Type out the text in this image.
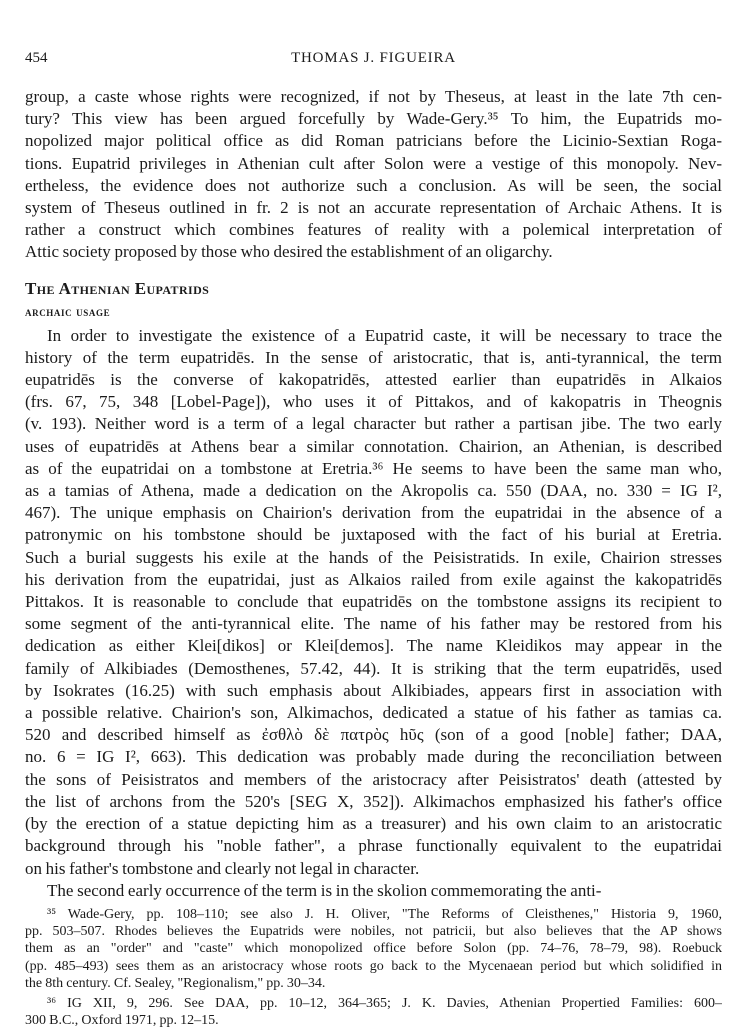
454	THOMAS J. FIGUEIRA

group, a caste whose rights were recognized, if not by Theseus, at least in the late 7th cen-

tury? This view has been argued forcefully by Wade-Gery.³⁵ To him, the Eupatrids mo-

nopolized major political office as did Roman patricians before the Licinio-Sextian Roga-

tions. Eupatrid privileges in Athenian cult after Solon were a vestige of this monopoly. Nev-

ertheless, the evidence does not authorize such a conclusion. As will be seen, the social

system of Theseus outlined in fr. 2 is not an accurate representation of Archaic Athens. It is

rather a construct which combines features of reality with a polemical interpretation of

Attic society proposed by those who desired the establishment of an oligarchy.

The Athenian Eupatrids
archaic usage

In order to investigate the existence of a Eupatrid caste, it will be necessary to trace the

history of the term eupatridēs. In the sense of aristocratic, that is, anti-tyrannical, the term

eupatridēs is the converse of kakopatridēs, attested earlier than eupatridēs in Alkaios

(frs. 67, 75, 348 [Lobel-Page]), who uses it of Pittakos, and of kakopatris in Theognis

(v. 193). Neither word is a term of a legal character but rather a partisan jibe. The two early

uses of eupatridēs at Athens bear a similar connotation. Chairion, an Athenian, is described

as of the eupatridai on a tombstone at Eretria.³⁶ He seems to have been the same man who,

as a tamias of Athena, made a dedication on the Akropolis ca. 550 (DAA, no. 330 = IG I²,

467). The unique emphasis on Chairion's derivation from the eupatridai in the absence of a

patronymic on his tombstone should be juxtaposed with the fact of his burial at Eretria.

Such a burial suggests his exile at the hands of the Peisistratids. In exile, Chairion stresses

his derivation from the eupatridai, just as Alkaios railed from exile against the kakopatridēs

Pittakos. It is reasonable to conclude that eupatridēs on the tombstone assigns its recipient to

some segment of the anti-tyrannical elite. The name of his father may be restored from his

dedication as either Klei[dikos] or Klei[demos]. The name Kleidikos may appear in the

family of Alkibiades (Demosthenes, 57.42, 44). It is striking that the term eupatridēs, used

by Isokrates (16.25) with such emphasis about Alkibiades, appears first in association with

a possible relative. Chairion's son, Alkimachos, dedicated a statue of his father as tamias ca.

520 and described himself as ἐσθλὸ δὲ πατρὸς hῦς (son of a good [noble] father; DAA,

no. 6 = IG I², 663). This dedication was probably made during the reconciliation between

the sons of Peisistratos and members of the aristocracy after Peisistratos' death (attested by

the list of archons from the 520's [SEG X, 352]). Alkimachos emphasized his father's office

(by the erection of a statue depicting him as a treasurer) and his own claim to an aristocratic

background through his "noble father", a phrase functionally equivalent to the eupatridai

on his father's tombstone and clearly not legal in character.

The second early occurrence of the term is in the skolion commemorating the anti-

³⁵ Wade-Gery, pp. 108–110; see also J. H. Oliver, "The Reforms of Cleisthenes," Historia 9, 1960,

pp. 503–507. Rhodes believes the Eupatrids were nobiles, not patricii, but also believes that the AP shows

them as an "order" and "caste" which monopolized office before Solon (pp. 74–76, 78–79, 98). Roebuck

(pp. 485–493) sees them as an aristocracy whose roots go back to the Mycenaean period but which solidified in

the 8th century. Cf. Sealey, "Regionalism," pp. 30–34.

³⁶ IG XII, 9, 296. See DAA, pp. 10–12, 364–365; J. K. Davies, Athenian Propertied Families: 600–

300 B.C., Oxford 1971, pp. 12–15.
